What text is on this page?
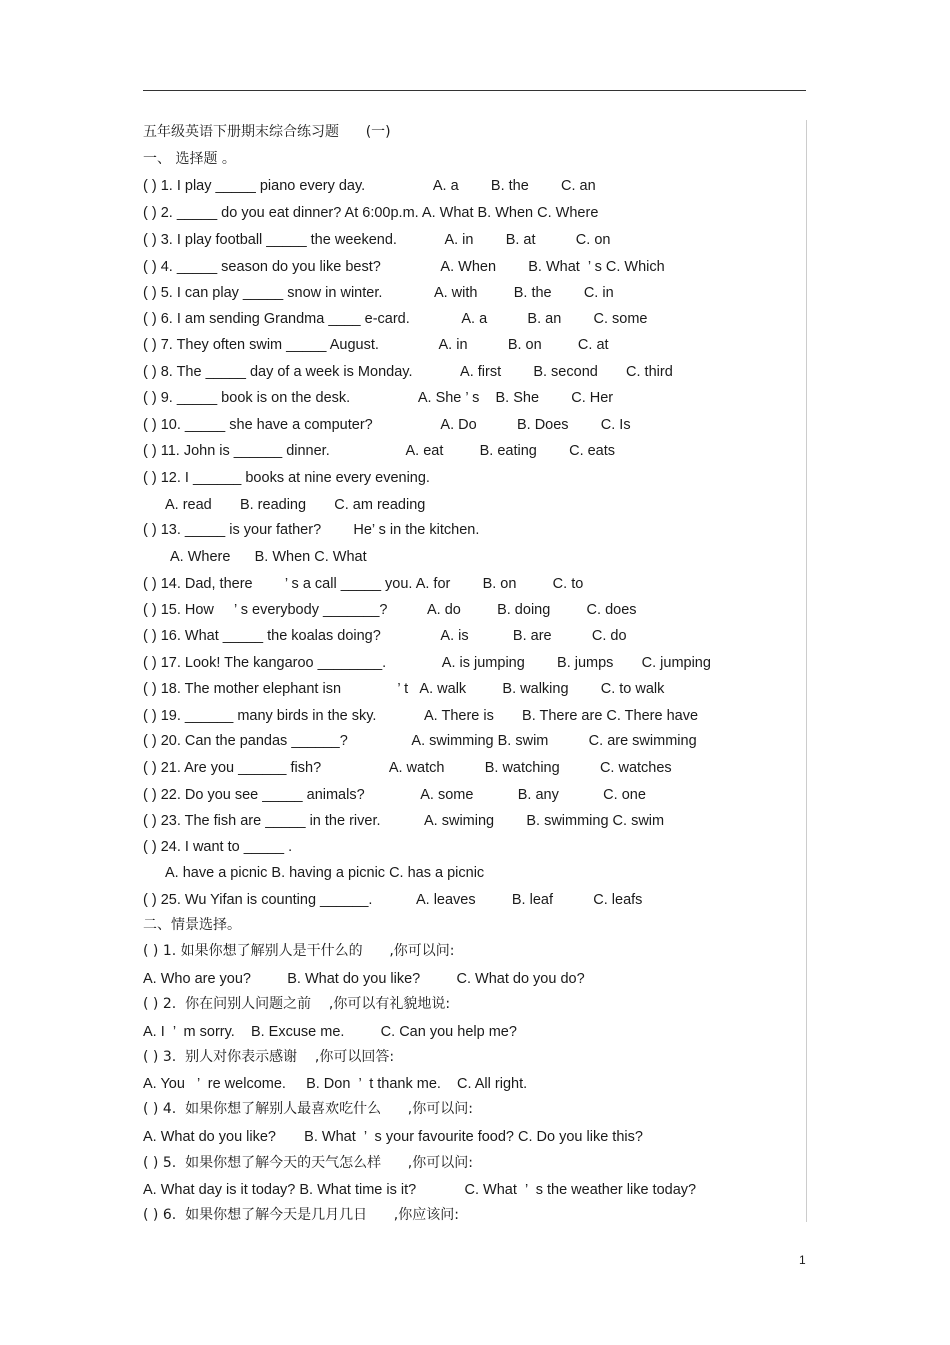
五年级英语下册期末综合练习题      (一)
一、 选择题 。
( ) 1. I play _____ piano every day.                 A. a        B. the        C. an
( ) 2. _____ do you eat dinner? At 6:00p.m. A. What B. When C. Where
( ) 3. I play football _____ the weekend.            A. in        B. at          C. on
( ) 4. _____ season do you like best?               A. When        B. What  ’ s C. Which
( ) 5. I can play _____ snow in winter.             A. with         B. the        C. in
( ) 6. I am sending Grandma ____ e-card.             A. a          B. an        C. some
( ) 7. They often swim _____ August.               A. in          B. on         C. at
( ) 8. The _____ day of a week is Monday.            A. first        B. second       C. third
( ) 9. _____ book is on the desk.                 A. She ’ s    B. She        C. Her
( ) 10. _____ she have a computer?                 A. Do          B. Does        C. Is
( ) 11. John is ______ dinner.                   A. eat         B. eating        C. eats
( ) 12. I ______ books at nine every evening.
A. read       B. reading       C. am reading
( ) 13. _____ is your father?        He’ s in the kitchen.
A. Where      B. When C. What
( ) 14. Dad, there        ’ s a call _____ you. A. for        B. on         C. to
( ) 15. How     ’ s everybody _______?          A. do         B. doing         C. does
( ) 16. What _____ the koalas doing?               A. is           B. are          C. do
( ) 17. Look! The kangaroo ________.              A. is jumping        B. jumps       C. jumping
( ) 18. The mother elephant isn              ’ t   A. walk         B. walking        C. to walk
( ) 19. ______ many birds in the sky.            A. There is       B. There are C. There have
( ) 20. Can the pandas ______?                A. swimming B. swim          C. are swimming
( ) 21. Are you ______ fish?                 A. watch          B. watching          C. watches
( ) 22. Do you see _____ animals?              A. some           B. any           C. one
( ) 23. The fish are _____ in the river.           A. swiming        B. swimming C. swim
( ) 24. I want to _____ .
A. have a picnic B. having a picnic C. has a picnic
( ) 25. Wu Yifan is counting ______.           A. leaves         B. leaf          C. leafs
二、情景选择。
( ) 1. 如果你想了解别人是干什么的      ,你可以问:
A. Who are you?         B. What do you like?         C. What do you do?
( ) 2.  你在问别人问题之前    ,你可以有礼貌地说:
A. I  ’  m sorry.    B. Excuse me.         C. Can you help me?
( ) 3.  别人对你表示感谢    ,你可以回答:
A. You   ’  re welcome.     B. Don  ’  t thank me.    C. All right.
( ) 4.  如果你想了解别人最喜欢吃什么      ,你可以问:
A. What do you like?       B. What  ’  s your favourite food? C. Do you like this?
( ) 5.  如果你想了解今天的天气怎么样      ,你可以问:
A. What day is it today? B. What time is it?            C. What  ’  s the weather like today?
( ) 6.  如果你想了解今天是几月几日      ,你应该问:
1
